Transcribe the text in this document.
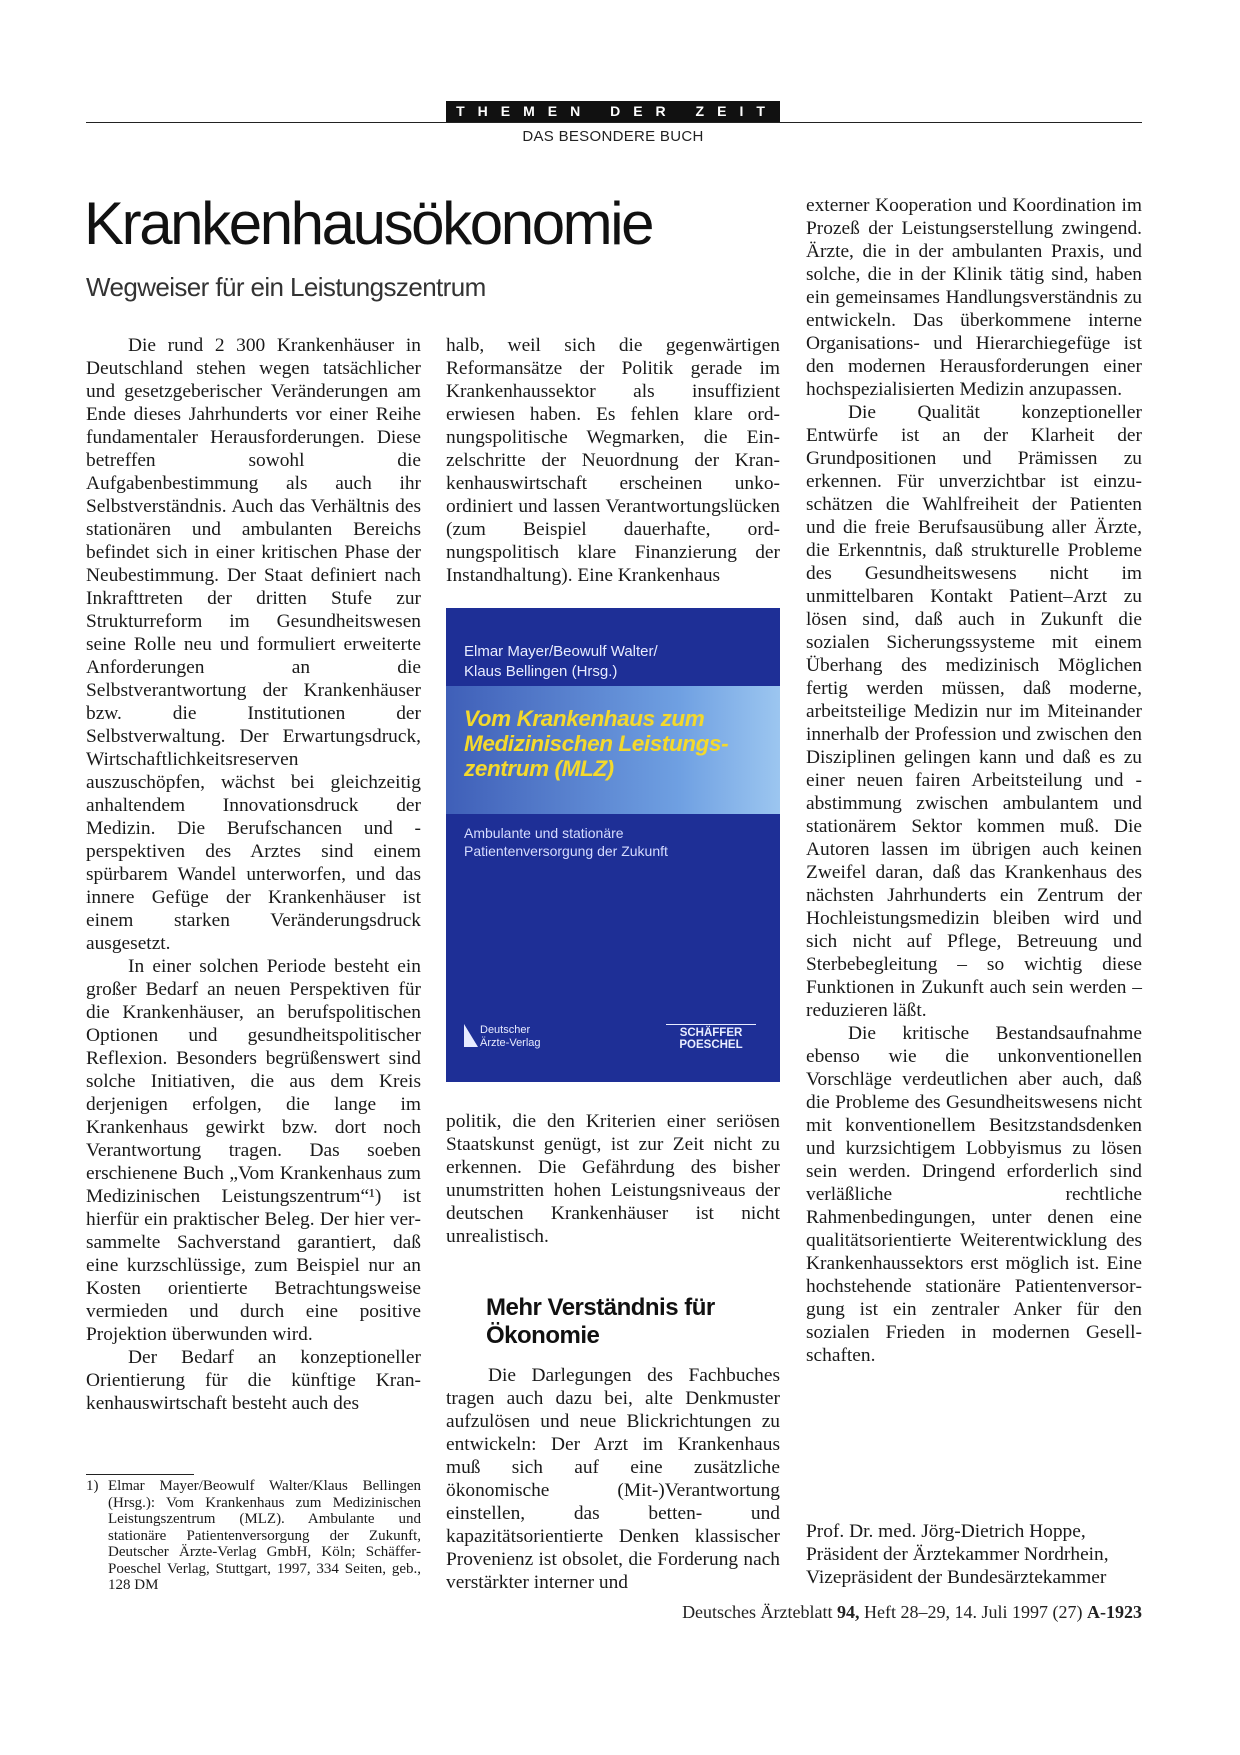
THEMEN DER ZEIT
DAS BESONDERE BUCH
Krankenhausökonomie
Wegweiser für ein Leistungszentrum

Die rund 2 300 Krankenhäuser in Deutschland stehen wegen tatsächlicher und gesetzgeberischer Veränderungen am Ende dieses Jahrhunderts vor einer Reihe fundamentaler Herausforderungen. Diese betreffen sowohl die Aufgabenbestimmung als auch ihr Selbstverständnis. Auch das Verhältnis des stationären und ambulanten Bereichs befindet sich in einer kritischen Phase der Neubestimmung. Der Staat definiert nach Inkrafttreten der dritten Stufe zur Strukturreform im Gesundheitswesen seine Rolle neu und formuliert erweiterte Anforderungen an die Selbstverantwortung der Krankenhäuser bzw. die Institutionen der Selbstverwaltung. Der Erwartungsdruck, Wirtschaftlichkeitsreserven auszuschöpfen, wächst bei gleichzeitig anhaltendem Innovationsdruck der Medizin. Die Berufschancen und -perspektiven des Arztes sind einem spürbarem Wandel unterworfen, und das innere Gefüge der Krankenhäuser ist einem starken Veränderungsdruck ausgesetzt.

In einer solchen Periode besteht ein großer Bedarf an neuen Perspektiven für die Krankenhäuser, an berufspolitischen Optionen und gesundheitspolitischer Reflexion. Besonders begrüßenswert sind solche Initiativen, die aus dem Kreis derjenigen erfolgen, die lange im Krankenhaus gewirkt bzw. dort noch Verantwortung tragen. Das soeben erschienene Buch „Vom Krankenhaus zum Medizinischen Leistungszentrum“¹) ist hierfür ein praktischer Beleg. Der hier versammelte Sachverstand garantiert, daß eine kurzschlüssige, zum Beispiel nur an Kosten orientierte Betrachtungsweise vermieden und durch eine positive Projektion überwunden wird.

Der Bedarf an konzeptioneller Orientierung für die künftige Krankenhauswirtschaft besteht auch des

1) Elmar Mayer/Beowulf Walter/Klaus Bellingen (Hrsg.): Vom Krankenhaus zum Medizinischen Leistungszentrum (MLZ). Ambulante und stationäre Patientenversorgung der Zukunft, Deutscher Ärzte-Verlag GmbH, Köln; Schäffer-Poeschel Verlag, Stuttgart, 1997, 334 Seiten, geb., 128 DM

halb, weil sich die gegenwärtigen Reformansätze der Politik gerade im Krankenhaussektor als insuffizient erwiesen haben. Es fehlen klare ordnungspolitische Wegmarken, die Einzelschritte der Neuordnung der Krankenhauswirtschaft erscheinen unkoordiniert und lassen Verantwortungslücken (zum Beispiel dauerhafte, ordnungspolitisch klare Finanzierung der Instandhaltung). Eine Krankenhaus

Elmar Mayer/Beowulf Walter/
Klaus Bellingen (Hrsg.)
Vom Krankenhaus zum
Medizinischen Leistungs-
zentrum (MLZ)
Ambulante und stationäre
Patientenversorgung der Zukunft
Deutscher
Ärzte-Verlag
SCHÄFFER
POESCHEL

politik, die den Kriterien einer seriösen Staatskunst genügt, ist zur Zeit nicht zu erkennen. Die Gefährdung des bisher unumstritten hohen Leistungsniveaus der deutschen Krankenhäuser ist nicht unrealistisch.

Mehr Verständnis für Ökonomie

Die Darlegungen des Fachbuches tragen auch dazu bei, alte Denkmuster aufzulösen und neue Blickrichtungen zu entwickeln: Der Arzt im Krankenhaus muß sich auf eine zusätzliche ökonomische (Mit-)Verantwortung einstellen, das betten- und kapazitätsorientierte Denken klassischer Provenienz ist obsolet, die Forderung nach verstärkter interner und

externer Kooperation und Koordination im Prozeß der Leistungserstellung zwingend. Ärzte, die in der ambulanten Praxis, und solche, die in der Klinik tätig sind, haben ein gemeinsames Handlungsverständnis zu entwickeln. Das überkommene interne Organisations- und Hierarchiegefüge ist den modernen Herausforderungen einer hochspezialisierten Medizin anzupassen.

Die Qualität konzeptioneller Entwürfe ist an der Klarheit der Grundpositionen und Prämissen zu erkennen. Für unverzichtbar ist einzuschätzen die Wahlfreiheit der Patienten und die freie Berufsausübung aller Ärzte, die Erkenntnis, daß strukturelle Probleme des Gesundheitswesens nicht im unmittelbaren Kontakt Patient–Arzt zu lösen sind, daß auch in Zukunft die sozialen Sicherungssysteme mit einem Überhang des medizinisch Möglichen fertig werden müssen, daß moderne, arbeitsteilige Medizin nur im Miteinander innerhalb der Profession und zwischen den Disziplinen gelingen kann und daß es zu einer neuen fairen Arbeitsteilung und -abstimmung zwischen ambulantem und stationärem Sektor kommen muß. Die Autoren lassen im übrigen auch keinen Zweifel daran, daß das Krankenhaus des nächsten Jahrhunderts ein Zentrum der Hochleistungsmedizin bleiben wird und sich nicht auf Pflege, Betreuung und Sterbebegleitung – so wichtig diese Funktionen in Zukunft auch sein werden – reduzieren läßt.

Die kritische Bestandsaufnahme ebenso wie die unkonventionellen Vorschläge verdeutlichen aber auch, daß die Probleme des Gesundheitswesens nicht mit konventionellem Besitzstandsdenken und kurzsichtigem Lobbyismus zu lösen sein werden. Dringend erforderlich sind verläßliche rechtliche Rahmenbedingungen, unter denen eine qualitätsorientierte Weiterentwicklung des Krankenhaussektors erst möglich ist. Eine hochstehende stationäre Patientenversorgung ist ein zentraler Anker für den sozialen Frieden in modernen Gesellschaften.

Prof. Dr. med. Jörg-Dietrich Hoppe,
Präsident der Ärztekammer Nordrhein,
Vizepräsident der Bundesärztekammer

Deutsches Ärzteblatt 94, Heft 28–29, 14. Juli 1997 (27) A-1923
